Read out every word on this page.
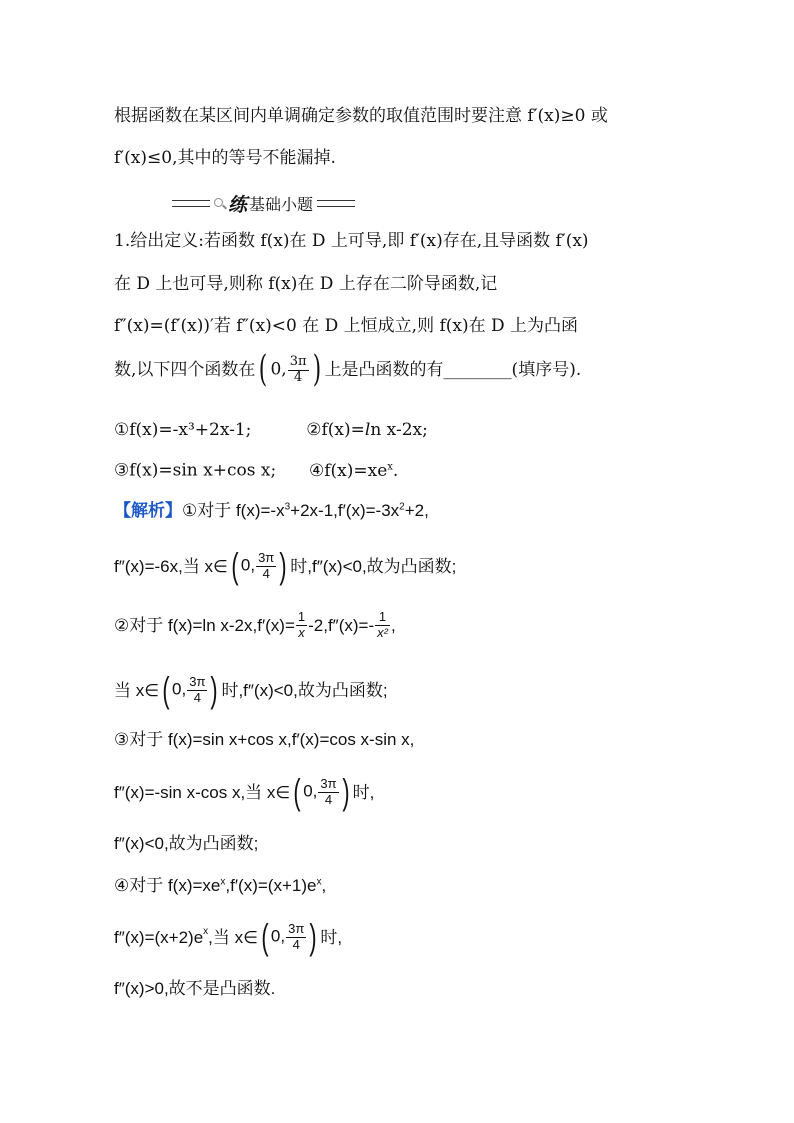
根据函数在某区间内单调确定参数的取值范围时要注意 f′(x)≥0 或
f′(x)≤0,其中的等号不能漏掉.
练 基础小题
1.给出定义:若函数 f(x)在 D 上可导,即 f′(x)存在,且导函数 f′(x)
在 D 上也可导,则称 f(x)在 D 上存在二阶导函数,记
f″(x)=(f′(x))′若 f″(x)<0 在 D 上恒成立,则 f(x)在 D 上为凸函
数,以下四个函数在 ( 0, $\frac{3\pi}{4}$ ) 上是凸函数的有________(填序号).
①f(x)=-x³+2x-1;	②f(x)=ln x-2x;
③f(x)=sin x+cos x; $④f(x)=xe^x$.
【解析】①对于 $f(x)=-x^3+2x-1,f'(x)=-3x^2+2$,
f″(x)=-6x,当 x∈ ( 0, $\frac{3\pi}{4}$ ) 时,f″(x)<0,故为凸函数;
②对于 f(x)=ln $x-2x,f'(x)= \frac{1}{x} -2,f''(x)=- \frac{1}{\text{x²}}$ ,
当 x∈ ( 0, $\frac{3\pi}{4}$ ) 时,f″(x)<0,故为凸函数;
③对于 f(x)=sin x+cos x,f′(x)=cos x-sin x,
f″(x)=-sin x-cos x,当 x∈ ( 0, $\frac{3\pi}{4}$ ) 时,
f″(x)<0,故为凸函数;
④对于 $f(x)=xe^x,f'(x)=(x+1)e^x$,
f″(x)=(x+2)e x ,当 x∈ ( 0, $\frac{3\pi}{4}$ ) 时,
f″(x)>0,故不是凸函数.
